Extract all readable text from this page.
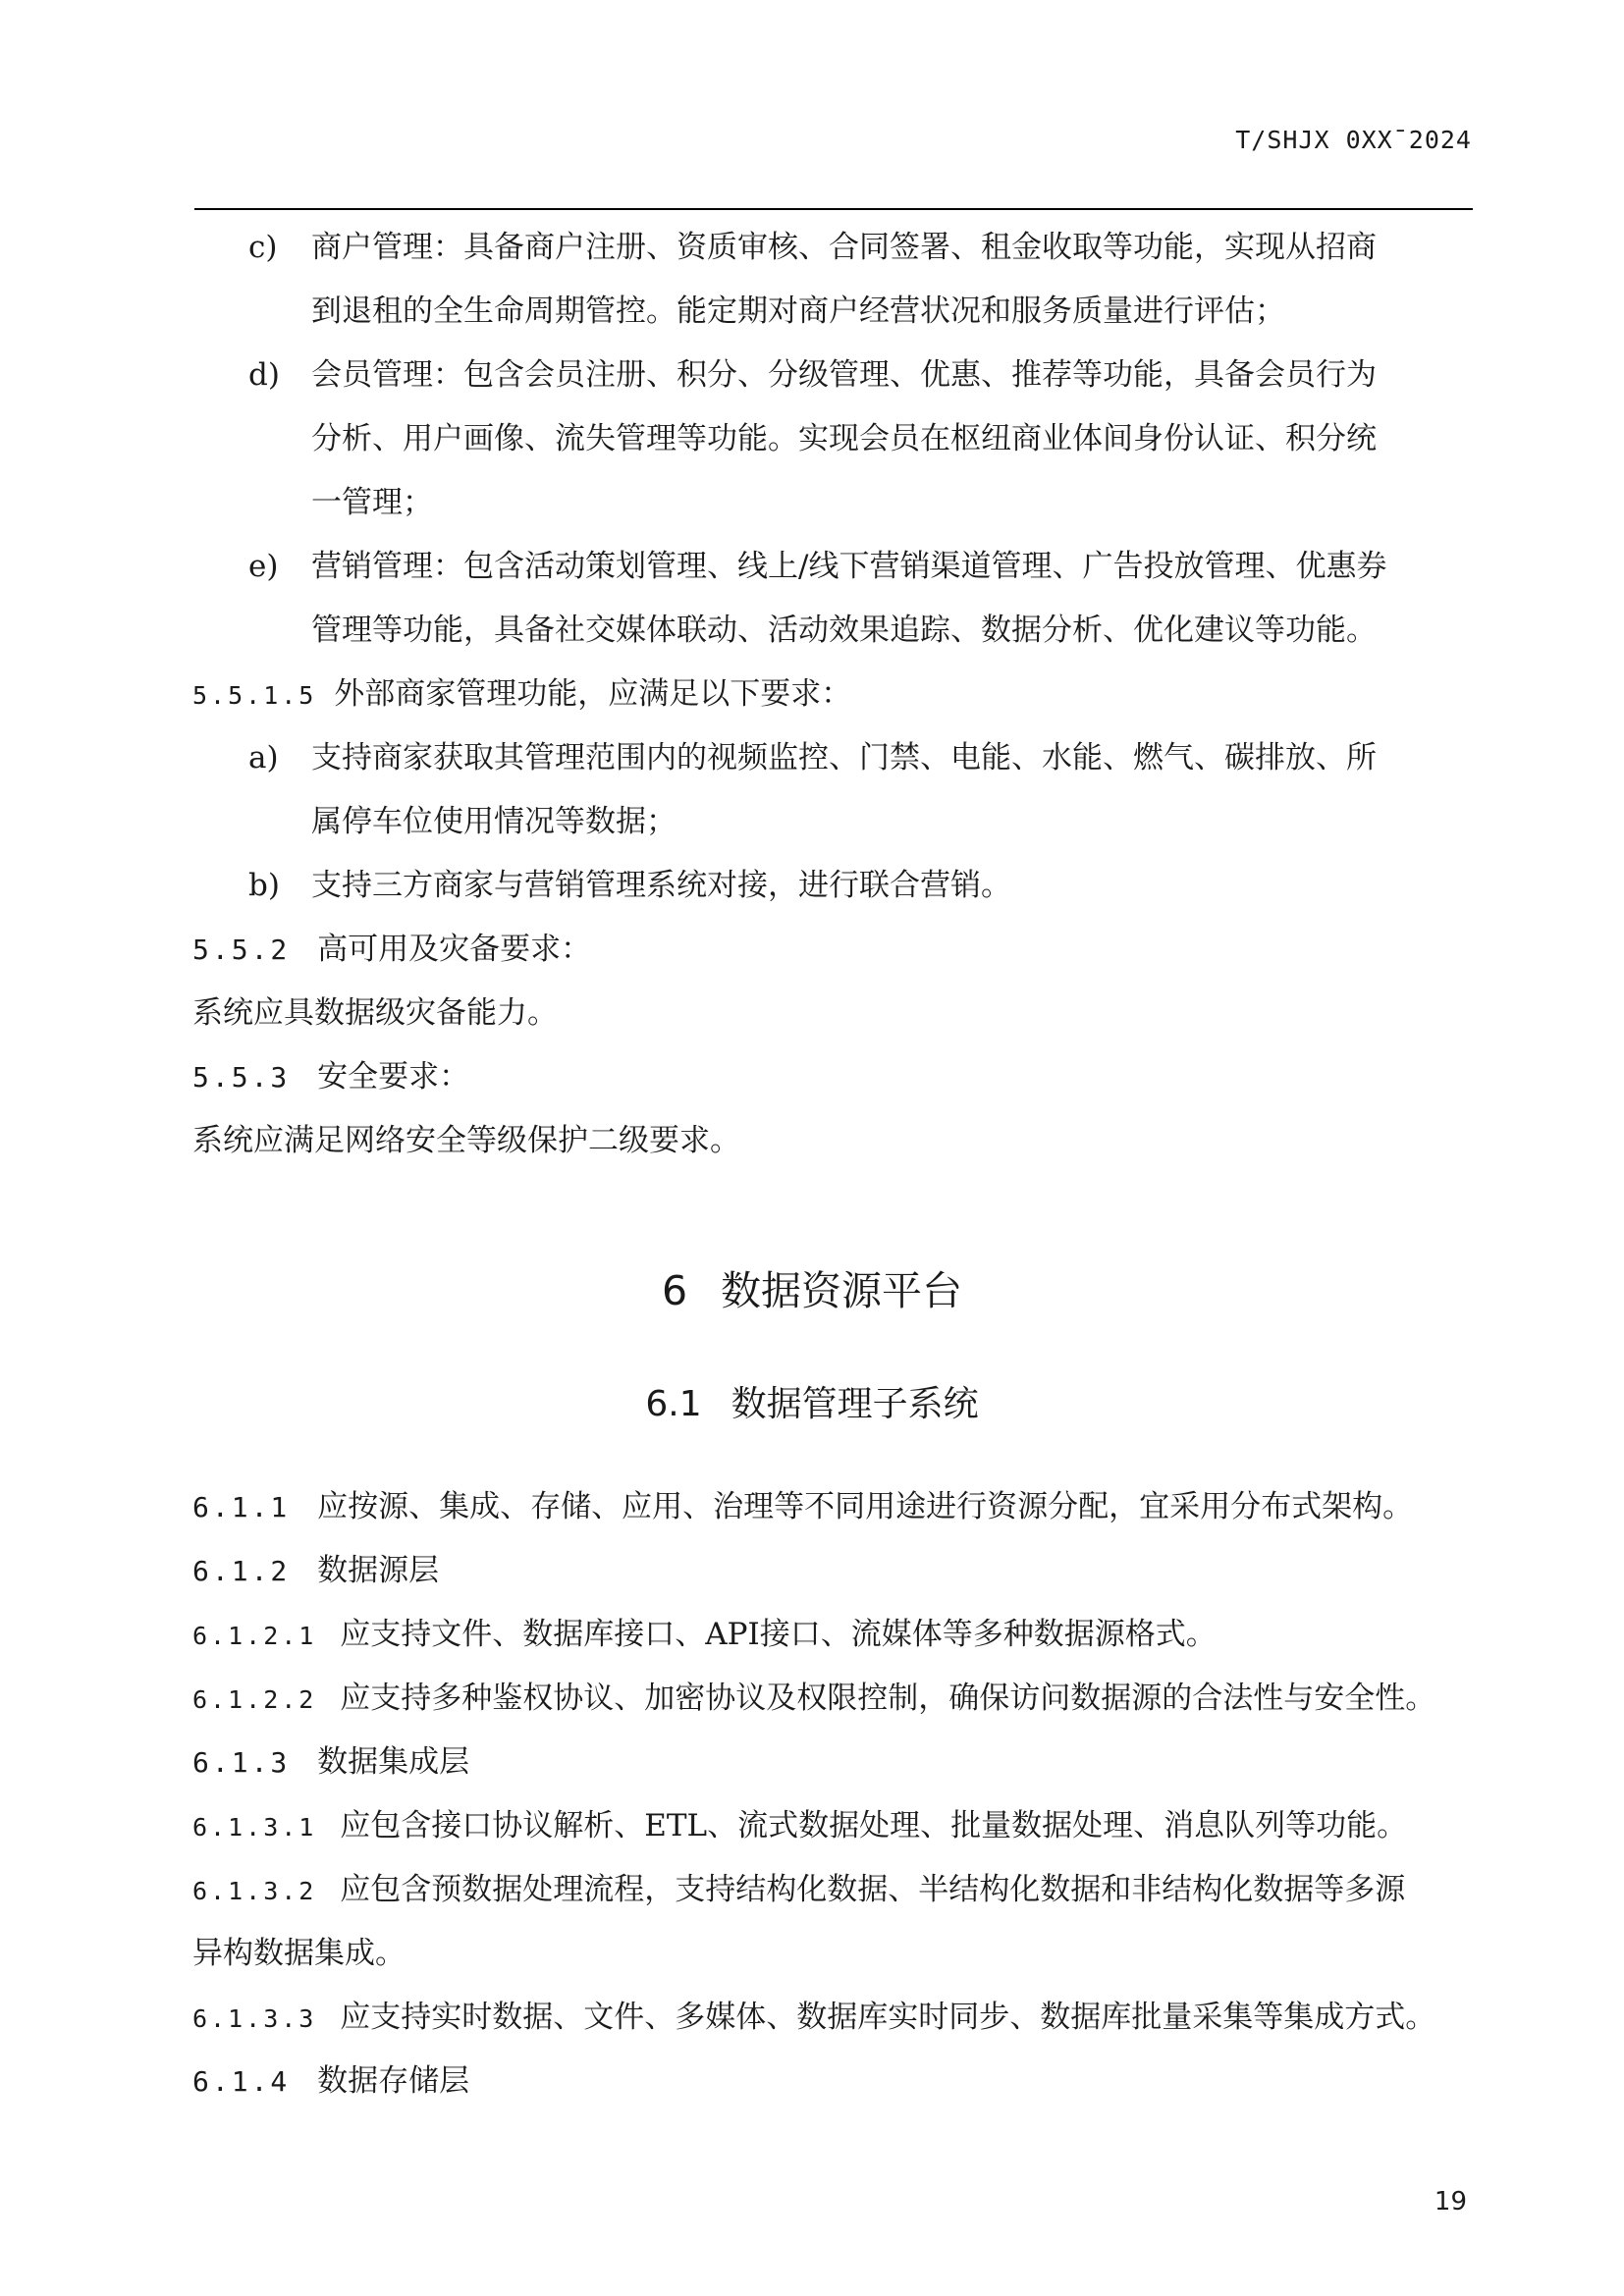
T/SHJX 0XXˉ2024
c) 商户管理：具备商户注册、资质审核、合同签署、租金收取等功能，实现从招商
到退租的全生命周期管控。能定期对商户经营状况和服务质量进行评估；
d) 会员管理：包含会员注册、积分、分级管理、优惠、推荐等功能，具备会员行为
分析、用户画像、流失管理等功能。实现会员在枢纽商业体间身份认证、积分统
一管理；
e) 营销管理：包含活动策划管理、线上/线下营销渠道管理、广告投放管理、优惠券
管理等功能，具备社交媒体联动、活动效果追踪、数据分析、优化建议等功能。
5.5.1.5 外部商家管理功能，应满足以下要求：
a) 支持商家获取其管理范围内的视频监控、门禁、电能、水能、燃气、碳排放、所
属停车位使用情况等数据；
b) 支持三方商家与营销管理系统对接，进行联合营销。
5.5.2 高可用及灾备要求：
系统应具数据级灾备能力。
5.5.3 安全要求：
系统应满足网络安全等级保护二级要求。
6 数据资源平台
6.1 数据管理子系统
6.1.1 应按源、集成、存储、应用、治理等不同用途进行资源分配，宜采用分布式架构。
6.1.2 数据源层
6.1.2.1 应支持文件、数据库接口、API接口、流媒体等多种数据源格式。
6.1.2.2 应支持多种鉴权协议、加密协议及权限控制，确保访问数据源的合法性与安全性。
6.1.3 数据集成层
6.1.3.1 应包含接口协议解析、ETL、流式数据处理、批量数据处理、消息队列等功能。
6.1.3.2 应包含预数据处理流程，支持结构化数据、半结构化数据和非结构化数据等多源
异构数据集成。
6.1.3.3 应支持实时数据、文件、多媒体、数据库实时同步、数据库批量采集等集成方式。
6.1.4 数据存储层
19
